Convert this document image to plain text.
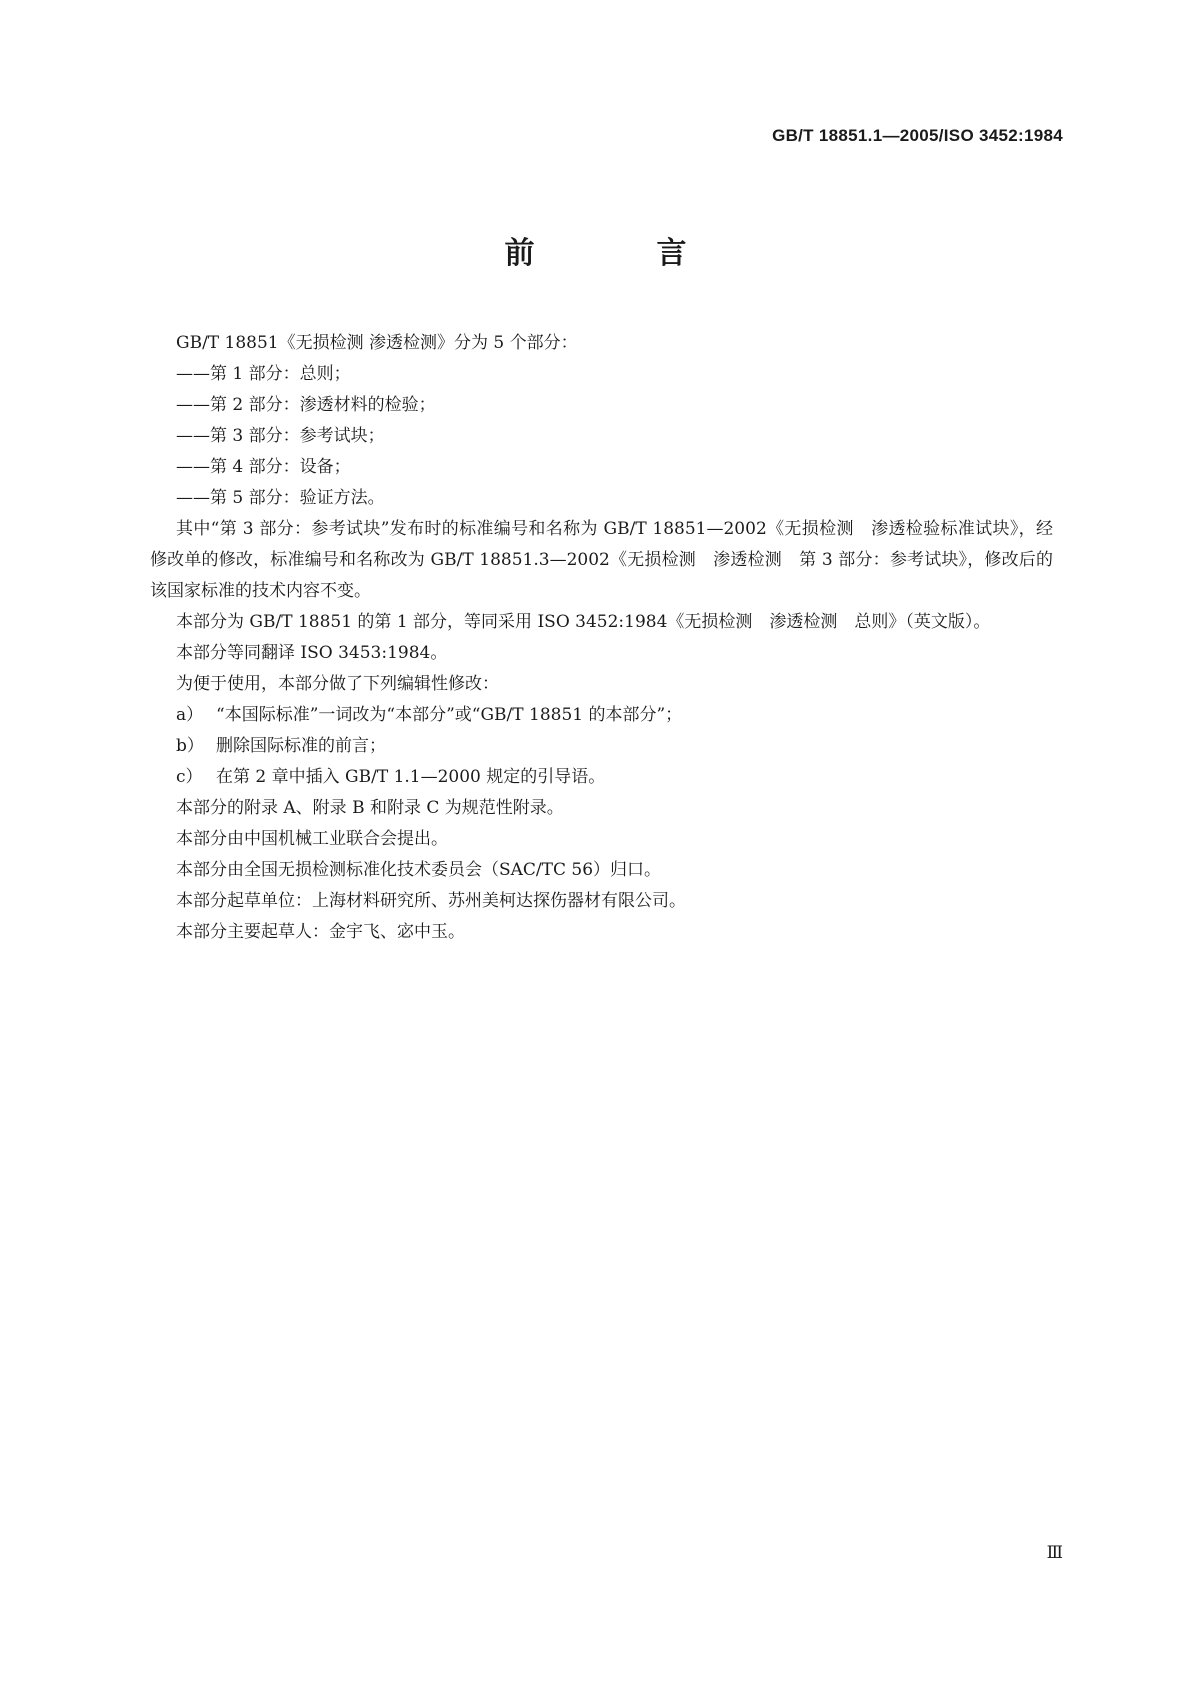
GB/T 18851.1—2005/ISO 3452:1984
前　言
GB/T 18851《无损检测 渗透检测》分为 5 个部分：
——第 1 部分：总则；
——第 2 部分：渗透材料的检验；
——第 3 部分：参考试块；
——第 4 部分：设备；
——第 5 部分：验证方法。
其中“第 3 部分：参考试块”发布时的标准编号和名称为 GB/T 18851—2002《无损检测　渗透检验标准试块》，经修改单的修改，标准编号和名称改为 GB/T 18851.3—2002《无损检测　渗透检测　第 3 部分：参考试块》，修改后的该国家标准的技术内容不变。
本部分为 GB/T 18851 的第 1 部分，等同采用 ISO 3452:1984《无损检测　渗透检测　总则》（英文版）。
本部分等同翻译 ISO 3453:1984。
为便于使用，本部分做了下列编辑性修改：
a） “本国际标准”一词改为“本部分”或“GB/T 18851 的本部分”；
b） 删除国际标准的前言；
c） 在第 2 章中插入 GB/T 1.1—2000 规定的引导语。
本部分的附录 A、附录 B 和附录 C 为规范性附录。
本部分由中国机械工业联合会提出。
本部分由全国无损检测标准化技术委员会（SAC/TC 56）归口。
本部分起草单位：上海材料研究所、苏州美柯达探伤器材有限公司。
本部分主要起草人：金宇飞、宓中玉。
Ⅲ
